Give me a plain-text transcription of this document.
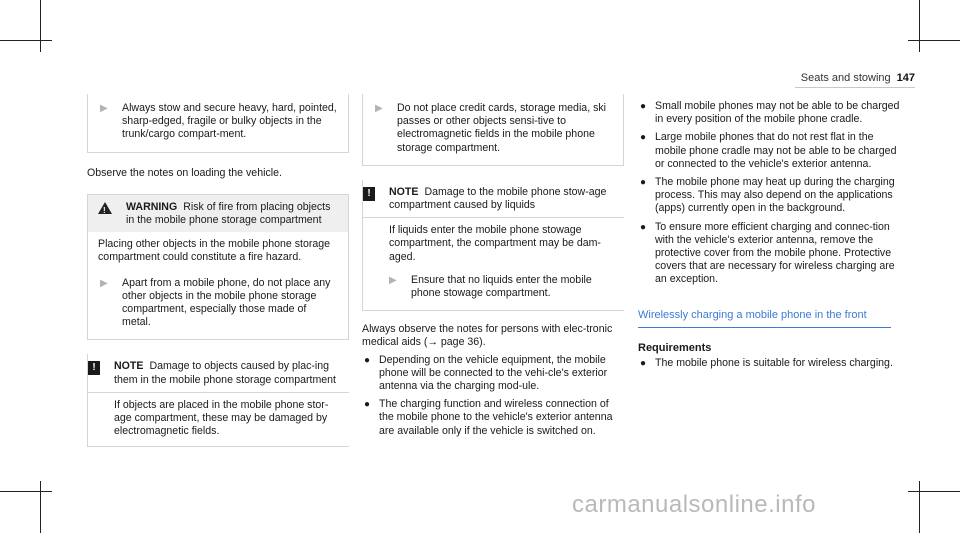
Seats and stowing 147
▶	Always stow and secure heavy, hard, pointed, sharp-edged, fragile or bulky objects in the trunk/cargo compart-ment.

Observe the notes on loading the vehicle.

! WARNING Risk of fire from placing objects in the mobile phone storage compartment
Placing other objects in the mobile phone storage compartment could constitute a fire hazard.
▶	Apart from a mobile phone, do not place any other objects in the mobile phone storage compartment, especially those made of metal.
!	NOTE Damage to objects caused by plac-ing them in the mobile phone storage compartment
If objects are placed in the mobile phone stor-age compartment, these may be damaged by electromagnetic fields.
▶	Do not place credit cards, storage media, ski passes or other objects sensi-tive to electromagnetic fields in the mobile phone storage compartment.
!	NOTE Damage to the mobile phone stow-age compartment caused by liquids
If liquids enter the mobile phone stowage compartment, the compartment may be dam-aged.
▶	Ensure that no liquids enter the mobile phone stowage compartment.

Always observe the notes for persons with elec-tronic medical aids (→ page 36).

● Depending on the vehicle equipment, the mobile phone will be connected to the vehi-cle's exterior antenna via the charging mod-ule.
● The charging function and wireless connection of the mobile phone to the vehicle's exterior antenna are available only if the vehicle is switched on.
● Small mobile phones may not be able to be charged in every position of the mobile phone cradle.
● Large mobile phones that do not rest flat in the mobile phone cradle may not be able to be charged or connected to the vehicle's exterior antenna.
● The mobile phone may heat up during the charging process. This may also depend on the applications (apps) currently open in the background.
● To ensure more efficient charging and connec-tion with the vehicle's exterior antenna, remove the protective cover from the mobile phone. Protective covers that are necessary for wireless charging are an exception.
Wirelessly charging a mobile phone in the front
Requirements
● The mobile phone is suitable for wireless charging.
carmanualsonline.info
